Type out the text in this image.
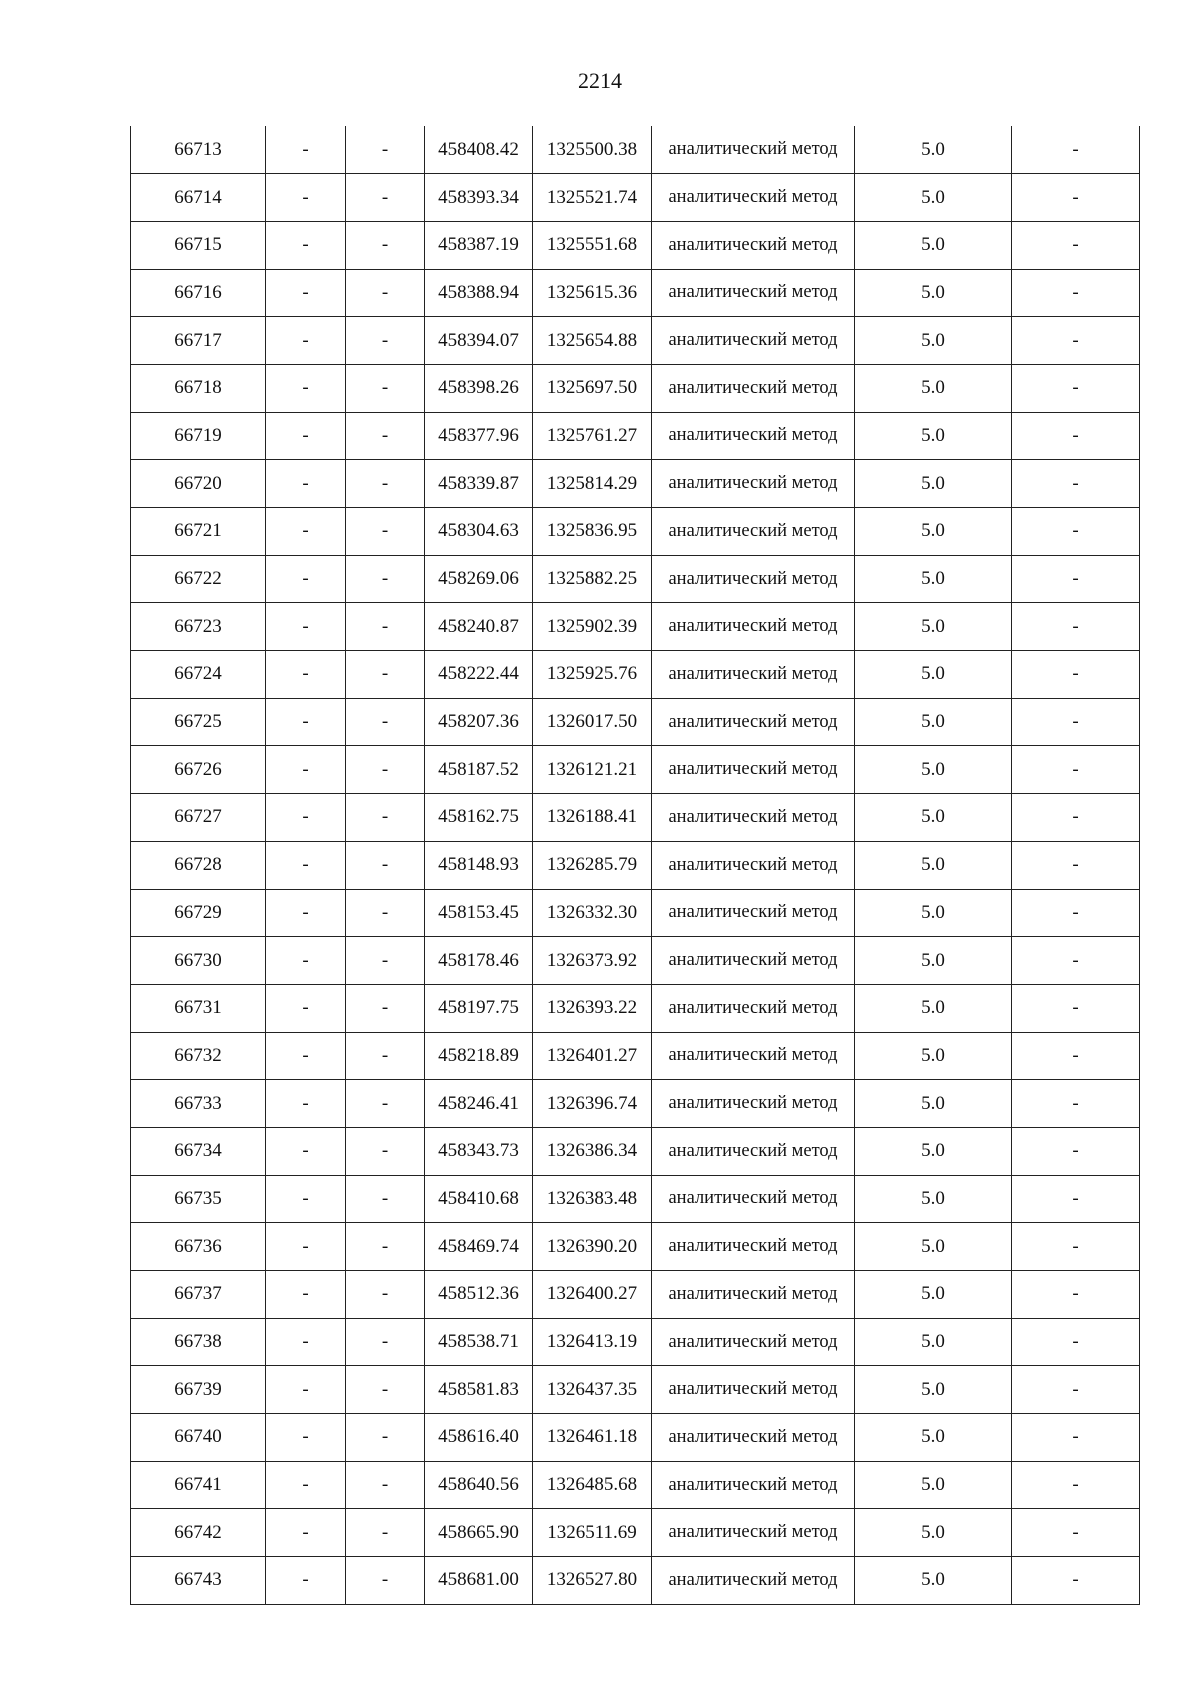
2214
66713	-	-	458408.42	1325500.38	аналитический метод	5.0	-
66714	-	-	458393.34	1325521.74	аналитический метод	5.0	-
66715	-	-	458387.19	1325551.68	аналитический метод	5.0	-
66716	-	-	458388.94	1325615.36	аналитический метод	5.0	-
66717	-	-	458394.07	1325654.88	аналитический метод	5.0	-
66718	-	-	458398.26	1325697.50	аналитический метод	5.0	-
66719	-	-	458377.96	1325761.27	аналитический метод	5.0	-
66720	-	-	458339.87	1325814.29	аналитический метод	5.0	-
66721	-	-	458304.63	1325836.95	аналитический метод	5.0	-
66722	-	-	458269.06	1325882.25	аналитический метод	5.0	-
66723	-	-	458240.87	1325902.39	аналитический метод	5.0	-
66724	-	-	458222.44	1325925.76	аналитический метод	5.0	-
66725	-	-	458207.36	1326017.50	аналитический метод	5.0	-
66726	-	-	458187.52	1326121.21	аналитический метод	5.0	-
66727	-	-	458162.75	1326188.41	аналитический метод	5.0	-
66728	-	-	458148.93	1326285.79	аналитический метод	5.0	-
66729	-	-	458153.45	1326332.30	аналитический метод	5.0	-
66730	-	-	458178.46	1326373.92	аналитический метод	5.0	-
66731	-	-	458197.75	1326393.22	аналитический метод	5.0	-
66732	-	-	458218.89	1326401.27	аналитический метод	5.0	-
66733	-	-	458246.41	1326396.74	аналитический метод	5.0	-
66734	-	-	458343.73	1326386.34	аналитический метод	5.0	-
66735	-	-	458410.68	1326383.48	аналитический метод	5.0	-
66736	-	-	458469.74	1326390.20	аналитический метод	5.0	-
66737	-	-	458512.36	1326400.27	аналитический метод	5.0	-
66738	-	-	458538.71	1326413.19	аналитический метод	5.0	-
66739	-	-	458581.83	1326437.35	аналитический метод	5.0	-
66740	-	-	458616.40	1326461.18	аналитический метод	5.0	-
66741	-	-	458640.56	1326485.68	аналитический метод	5.0	-
66742	-	-	458665.90	1326511.69	аналитический метод	5.0	-
66743	-	-	458681.00	1326527.80	аналитический метод	5.0	-
